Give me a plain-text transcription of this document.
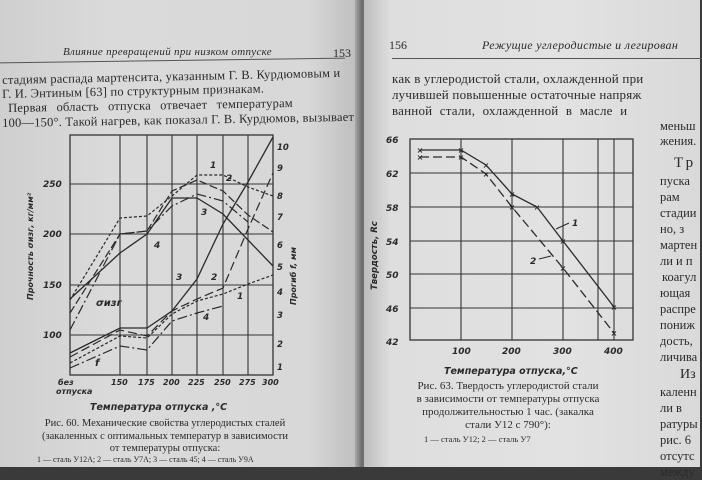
Влияние превращений при низком отпуске	153
стадиям распада мартенсита, указанным Г. В. Курдюмовым и
Г. И. Энтиным [63] по структурным признакам.
Первая область отпуска отвечает температурам
100—150°. Такой нагрев, как показал Г. В. Курдюмов, вызывает
250
200
150
100
Прочность σизг, кг/мм²
10
9
8
7
6
5
4
3
2
1
Прогиб f, мм
1
2
3
4
3	2
1
4
σизг
f
без
отпуска
150 175 200 225 250 275 300
Температура отпуска ,°С
Рис. 60. Механические свойства углеродистых сталей
(закаленных с оптимальных температур в зависимости
от температуры отпуска:
1 — сталь У12А; 2 — сталь У7А; 3 — сталь 45; 4 — сталь У9А
156	Режущие углеродистые и легирован
как в углеродистой стали, охлажденной при
лучившей повышенные остаточные напряж
ванной стали, охлажденной в масле и
меньш
жения.
Тр
пуска
рам
стадии
но, з
мартен
ли и п
коагул
ющая
распре
пониж
дость,
личива
Из
каленн
ли в
ратуры
рис. 6
отсутс
между
66
62
58
54
50
46
42
Твердость, Rc
×	×
×
×
×
×
×
×	×
×
×
×
×
1
2
100	200	300	400
Температура отпуска,°С
Рис. 63. Твердость углеродистой стали
в зависимости от температуры отпуска
продолжительностью 1 час. (закалка
стали У12 с 790°):
1 — сталь У12; 2 — сталь У7
